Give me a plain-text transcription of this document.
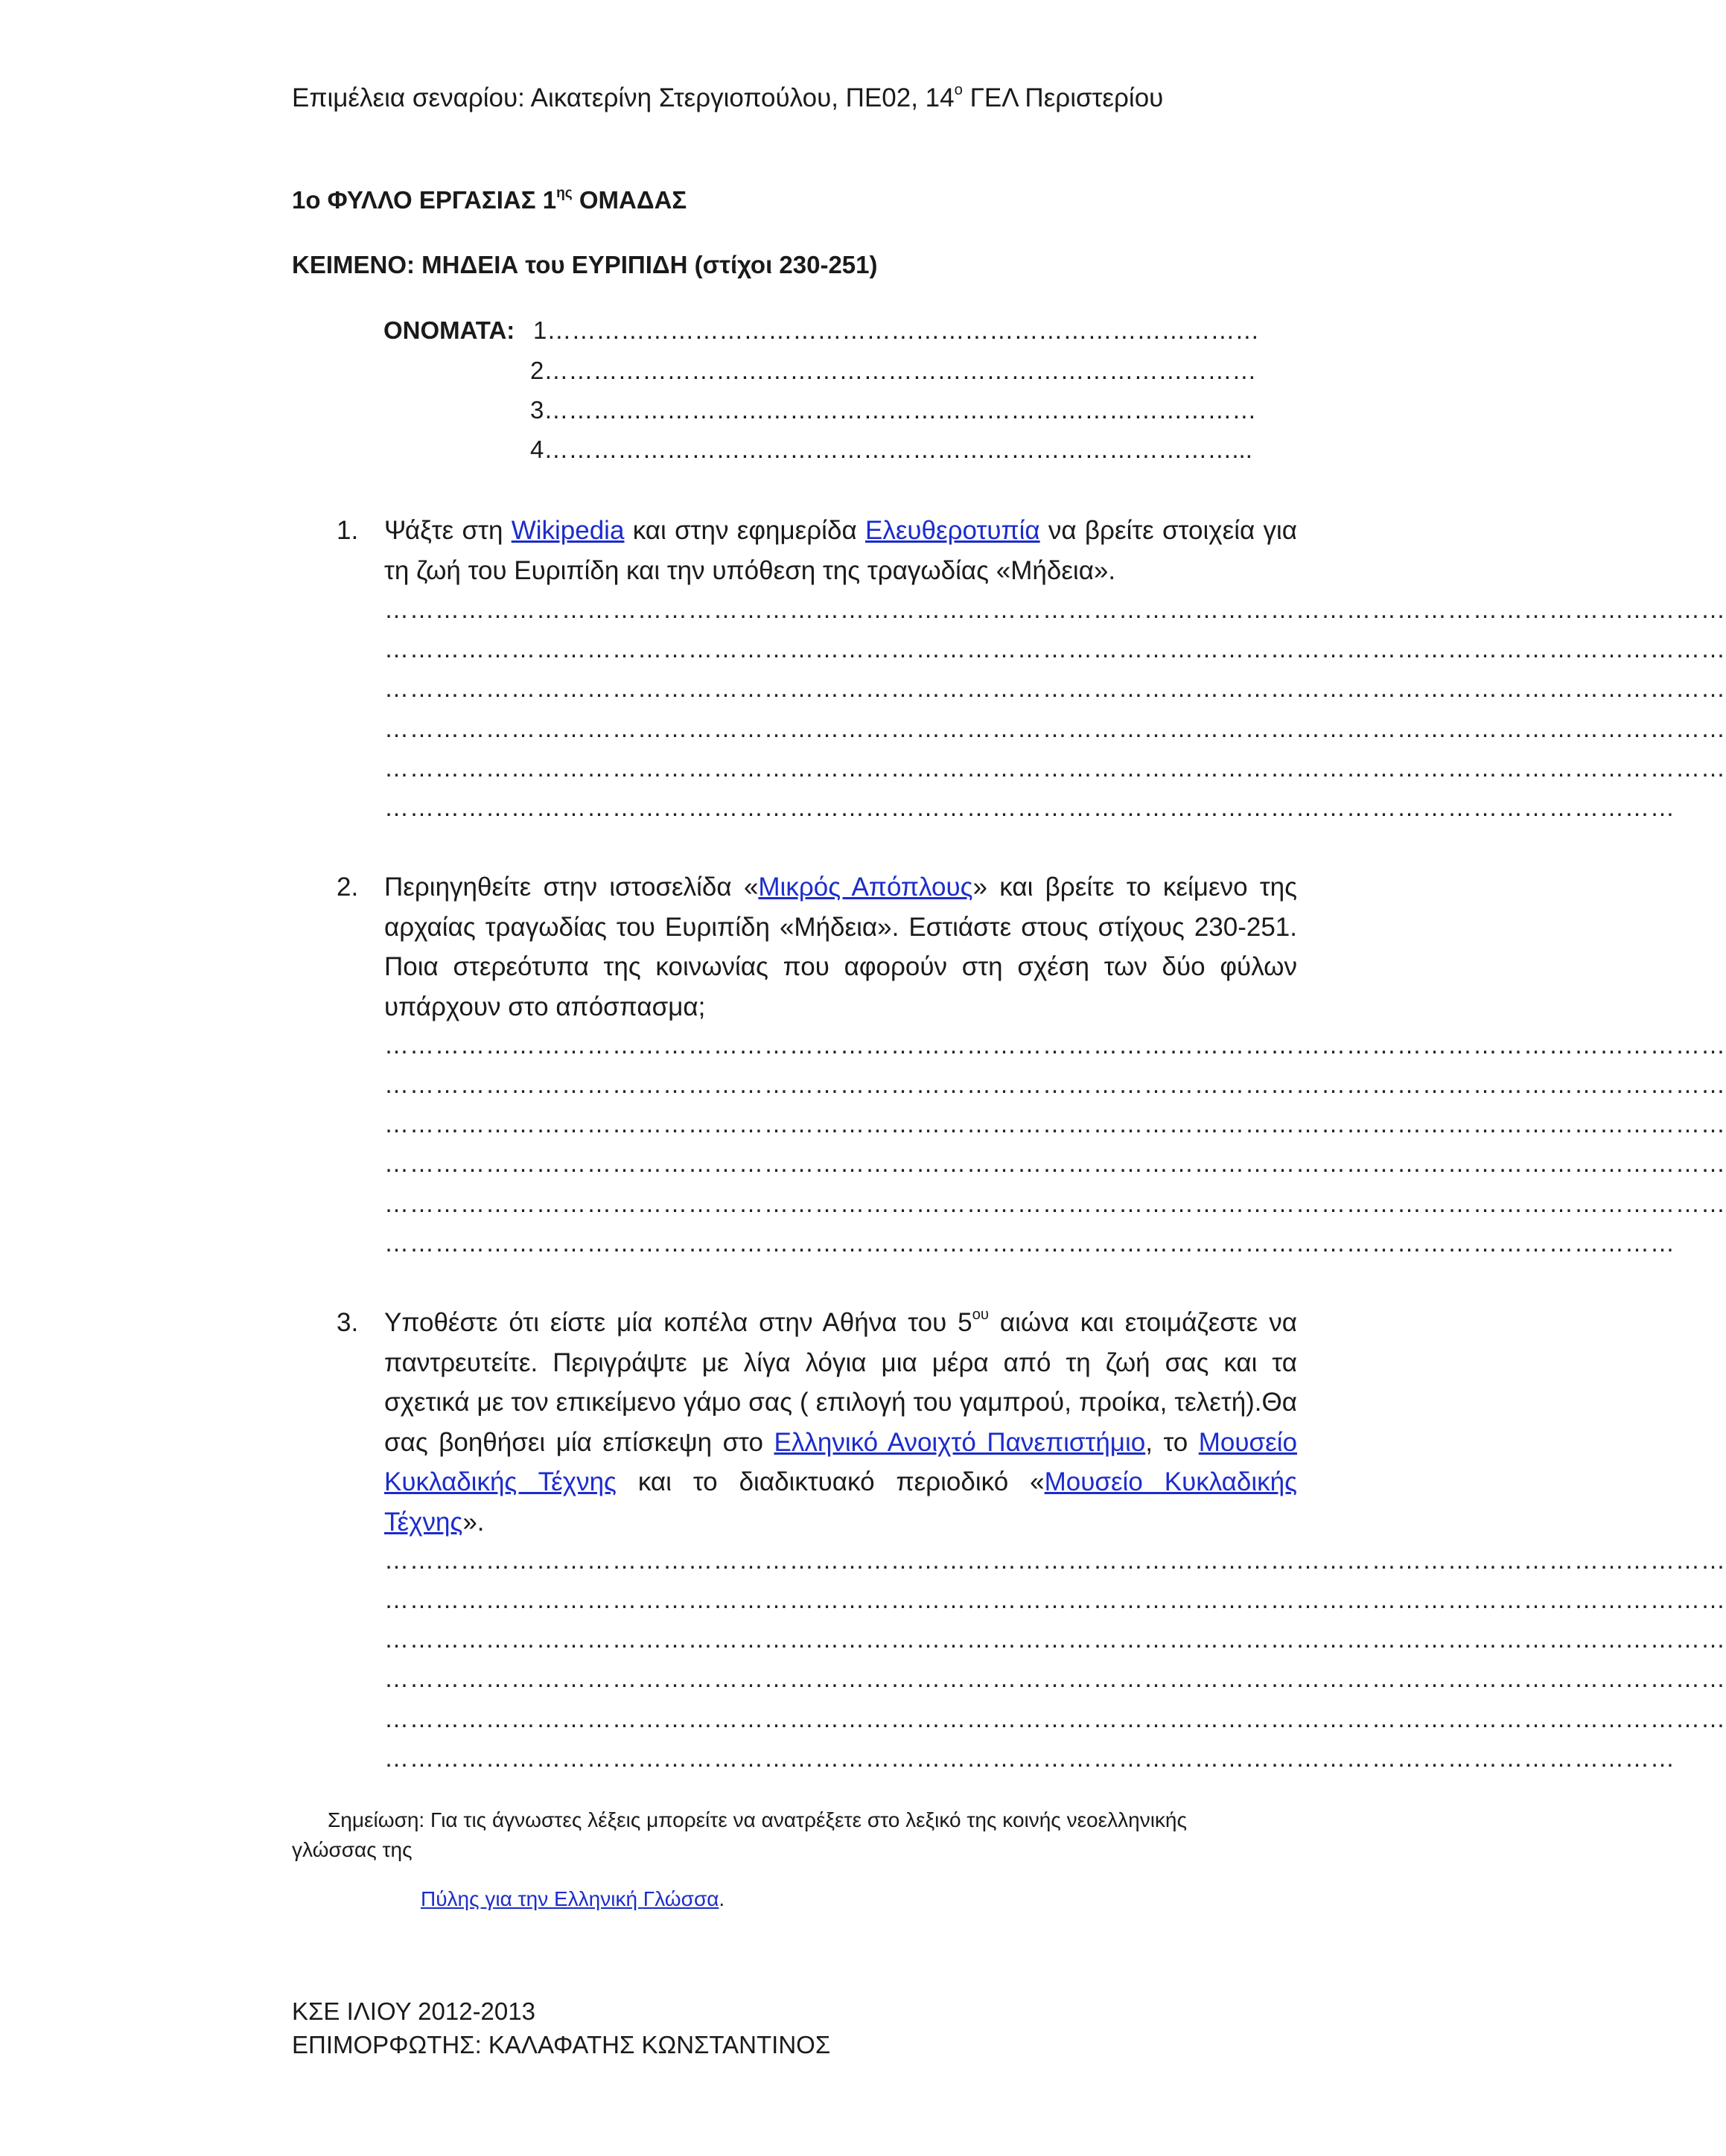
Επιμέλεια σεναρίου: Αικατερίνη Στεργιοπούλου, ΠΕ02, $14^o$ ΓΕΛ Περιστερίου
1ο ΦΥΛΛΟ ΕΡΓΑΣΙΑΣ $1^{\eta\varsigma}$ ΟΜΑΔΑΣ
ΚΕΙΜΕΝΟ: ΜΗΔΕΙΑ του ΕΥΡΙΠΙΔΗ (στίχοι 230-251)
ΟΝΟΜΑΤΑ: 1……………………………………………………………………………
2……………………………………………………………………………
3……………………………………………………………………………
4…………………………………………………………………………...
1. Ψάξτε στη Wikipedia και στην εφημερίδα Ελευθεροτυπία να βρείτε στοιχεία για τη ζωή του Ευριπίδη και την υπόθεση της τραγωδίας «Μήδεια».
……………………………………………………………………………………………………………………………………………
……………………………………………………………………………………………………………………………………………
……………………………………………………………………………………………………………………………………………
……………………………………………………………………………………………………………………………………………
……………………………………………………………………………………………………………………………………………
………………………………………………………………………………………………………………………………………
2. Περιηγηθείτε στην ιστοσελίδα «Μικρός Απόπλους» και βρείτε το κείμενο της αρχαίας τραγωδίας του Ευριπίδη «Μήδεια». Εστιάστε στους στίχους 230-251. Ποια στερεότυπα της κοινωνίας που αφορούν στη σχέση των δύο φύλων υπάρχουν στο απόσπασμα;
……………………………………………………………………………………………………………………………………………
……………………………………………………………………………………………………………………………………………
……………………………………………………………………………………………………………………………………………
……………………………………………………………………………………………………………………………………………
……………………………………………………………………………………………………………………………………………
………………………………………………………………………………………………………………………………………
3. Υποθέστε ότι είστε μία κοπέλα στην Αθήνα του $5^{o\upsilon}$ αιώνα και ετοιμάζεστε να παντρευτείτε. Περιγράψτε με λίγα λόγια μια μέρα από τη ζωή σας και τα σχετικά με τον επικείμενο γάμο σας ( επιλογή του γαμπρού, προίκα, τελετή).Θα σας βοηθήσει μία επίσκεψη στο Ελληνικό Ανοιχτό Πανεπιστήμιο, το Μουσείο Κυκλαδικής Τέχνης και το διαδικτυακό περιοδικό «Μουσείο Κυκλαδικής Τέχνης».
……………………………………………………………………………………………………………………………………………
……………………………………………………………………………………………………………………………………………
……………………………………………………………………………………………………………………………………………
……………………………………………………………………………………………………………………………………………
……………………………………………………………………………………………………………………………………………
………………………………………………………………………………………………………………………………………
Σημείωση: Για τις άγνωστες λέξεις μπορείτε να ανατρέξετε στο λεξικό της κοινής νεοελληνικής γλώσσας της
Πύλης για την Ελληνική Γλώσσα.
ΚΣΕ ΙΛΙΟΥ 2012-2013
ΕΠΙΜΟΡΦΩΤΗΣ: ΚΑΛΑΦΑΤΗΣ ΚΩΝΣΤΑΝΤΙΝΟΣ
